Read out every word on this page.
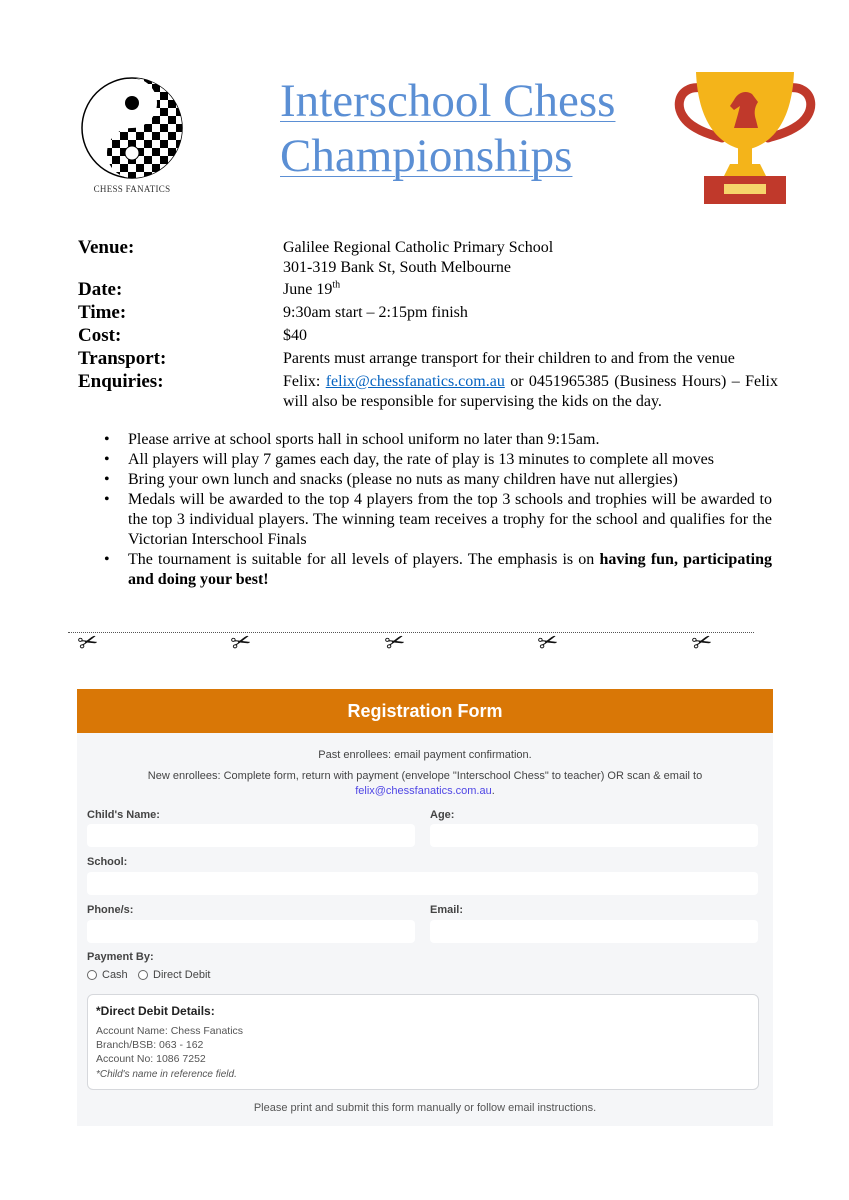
CHESS FANATICS
Interschool Chess Championships
Venue:	Galilee Regional Catholic Primary School
301-319 Bank St, South Melbourne
Date:	June 19th
Time:	9:30am start – 2:15pm finish
Cost:	$40
Transport:	Parents must arrange transport for their children to and from the venue
Enquiries:	Felix: felix@chessfanatics.com.au or 0451965385 (Business Hours) – Felix will also be responsible for supervising the kids on the day.
• Please arrive at school sports hall in school uniform no later than 9:15am.
• All players will play 7 games each day, the rate of play is 13 minutes to complete all moves
• Bring your own lunch and snacks (please no nuts as many children have nut allergies)
• Medals will be awarded to the top 4 players from the top 3 schools and trophies will be awarded to the top 3 individual players. The winning team receives a trophy for the school and qualifies for the Victorian Interschool Finals
• The tournament is suitable for all levels of players. The emphasis is on having fun, participating and doing your best!
✂	✂	✂	✂	✂
Registration Form
Past enrollees: email payment confirmation.
New enrollees: Complete form, return with payment (envelope "Interschool Chess" to teacher) OR scan & email to
felix@chessfanatics.com.au.
Child's Name:	Age:
School:
Phone/s:	Email:
Payment By:
Cash Direct Debit
*Direct Debit Details:
Account Name: Chess Fanatics
Branch/BSB: 063 - 162
Account No: 1086 7252
*Child's name in reference field.
Please print and submit this form manually or follow email instructions.
